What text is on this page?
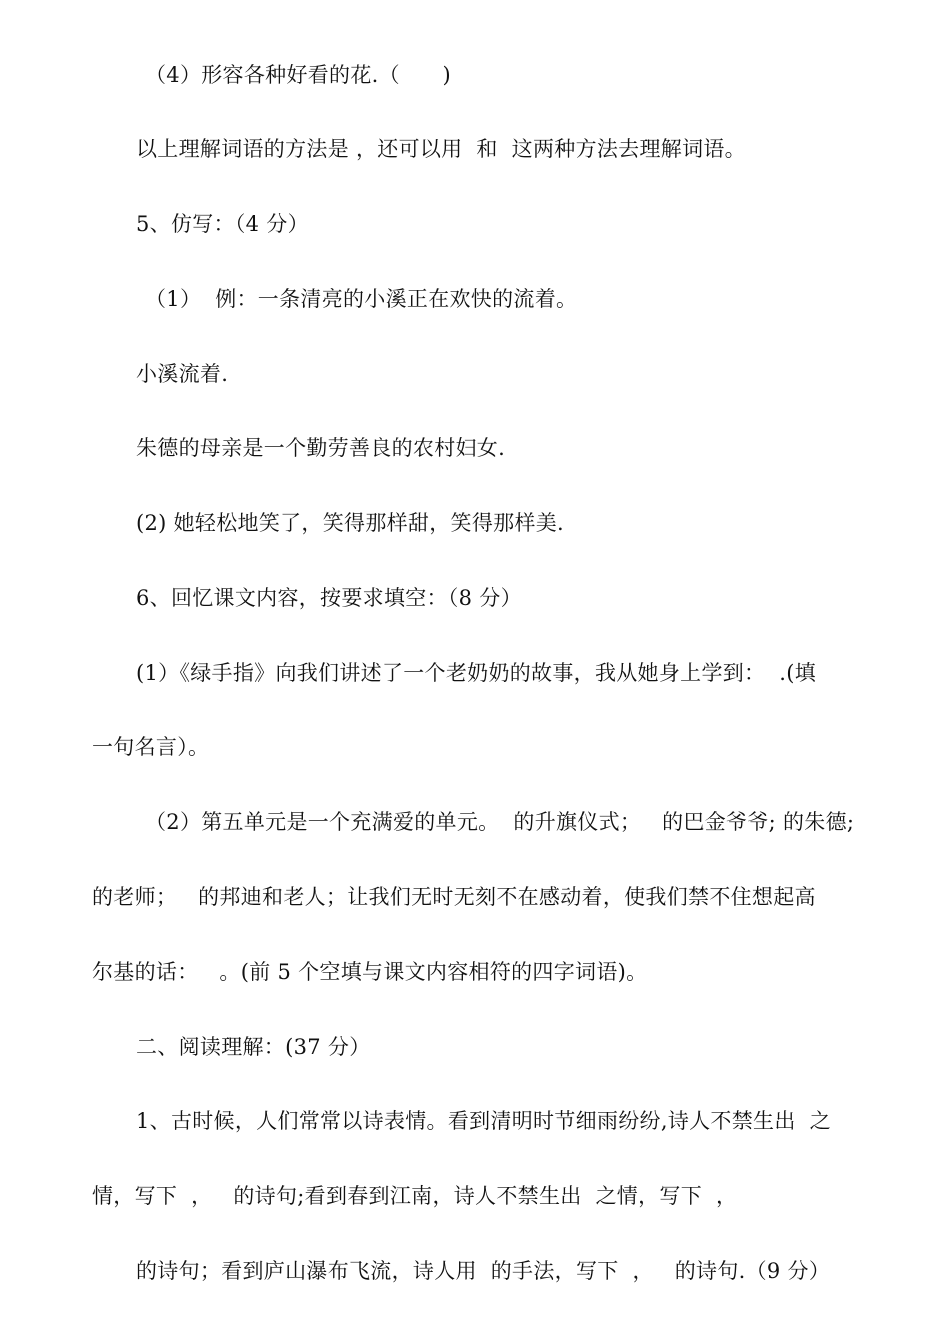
（4）形容各种好看的花.（　　)
以上理解词语的方法是 ，还可以用  和  这两种方法去理解词语。
5、仿写：（4 分）
（1）  例：一条清亮的小溪正在欢快的流着。
小溪流着.
朱德的母亲是一个勤劳善良的农村妇女.
(2) 她轻松地笑了，笑得那样甜，笑得那样美.
6、回忆课文内容，按要求填空：（8 分）
(1）《绿手指》向我们讲述了一个老奶奶的故事，我从她身上学到：  .(填
一句名言）。
（2）第五单元是一个充满爱的单元。  的升旗仪式；   的巴金爷爷; 的朱德;
的老师；   的邦迪和老人；让我们无时无刻不在感动着，使我们禁不住想起高
尔基的话：   。(前 5 个空填与课文内容相符的四字词语)。
二、阅读理解：(37 分）
1、古时候，人们常常以诗表情。看到清明时节细雨纷纷,诗人不禁生出  之
情，写下  ，   的诗句;看到春到江南，诗人不禁生出  之情，写下  ，
的诗句；看到庐山瀑布飞流，诗人用  的手法，写下  ，   的诗句.（9 分）
